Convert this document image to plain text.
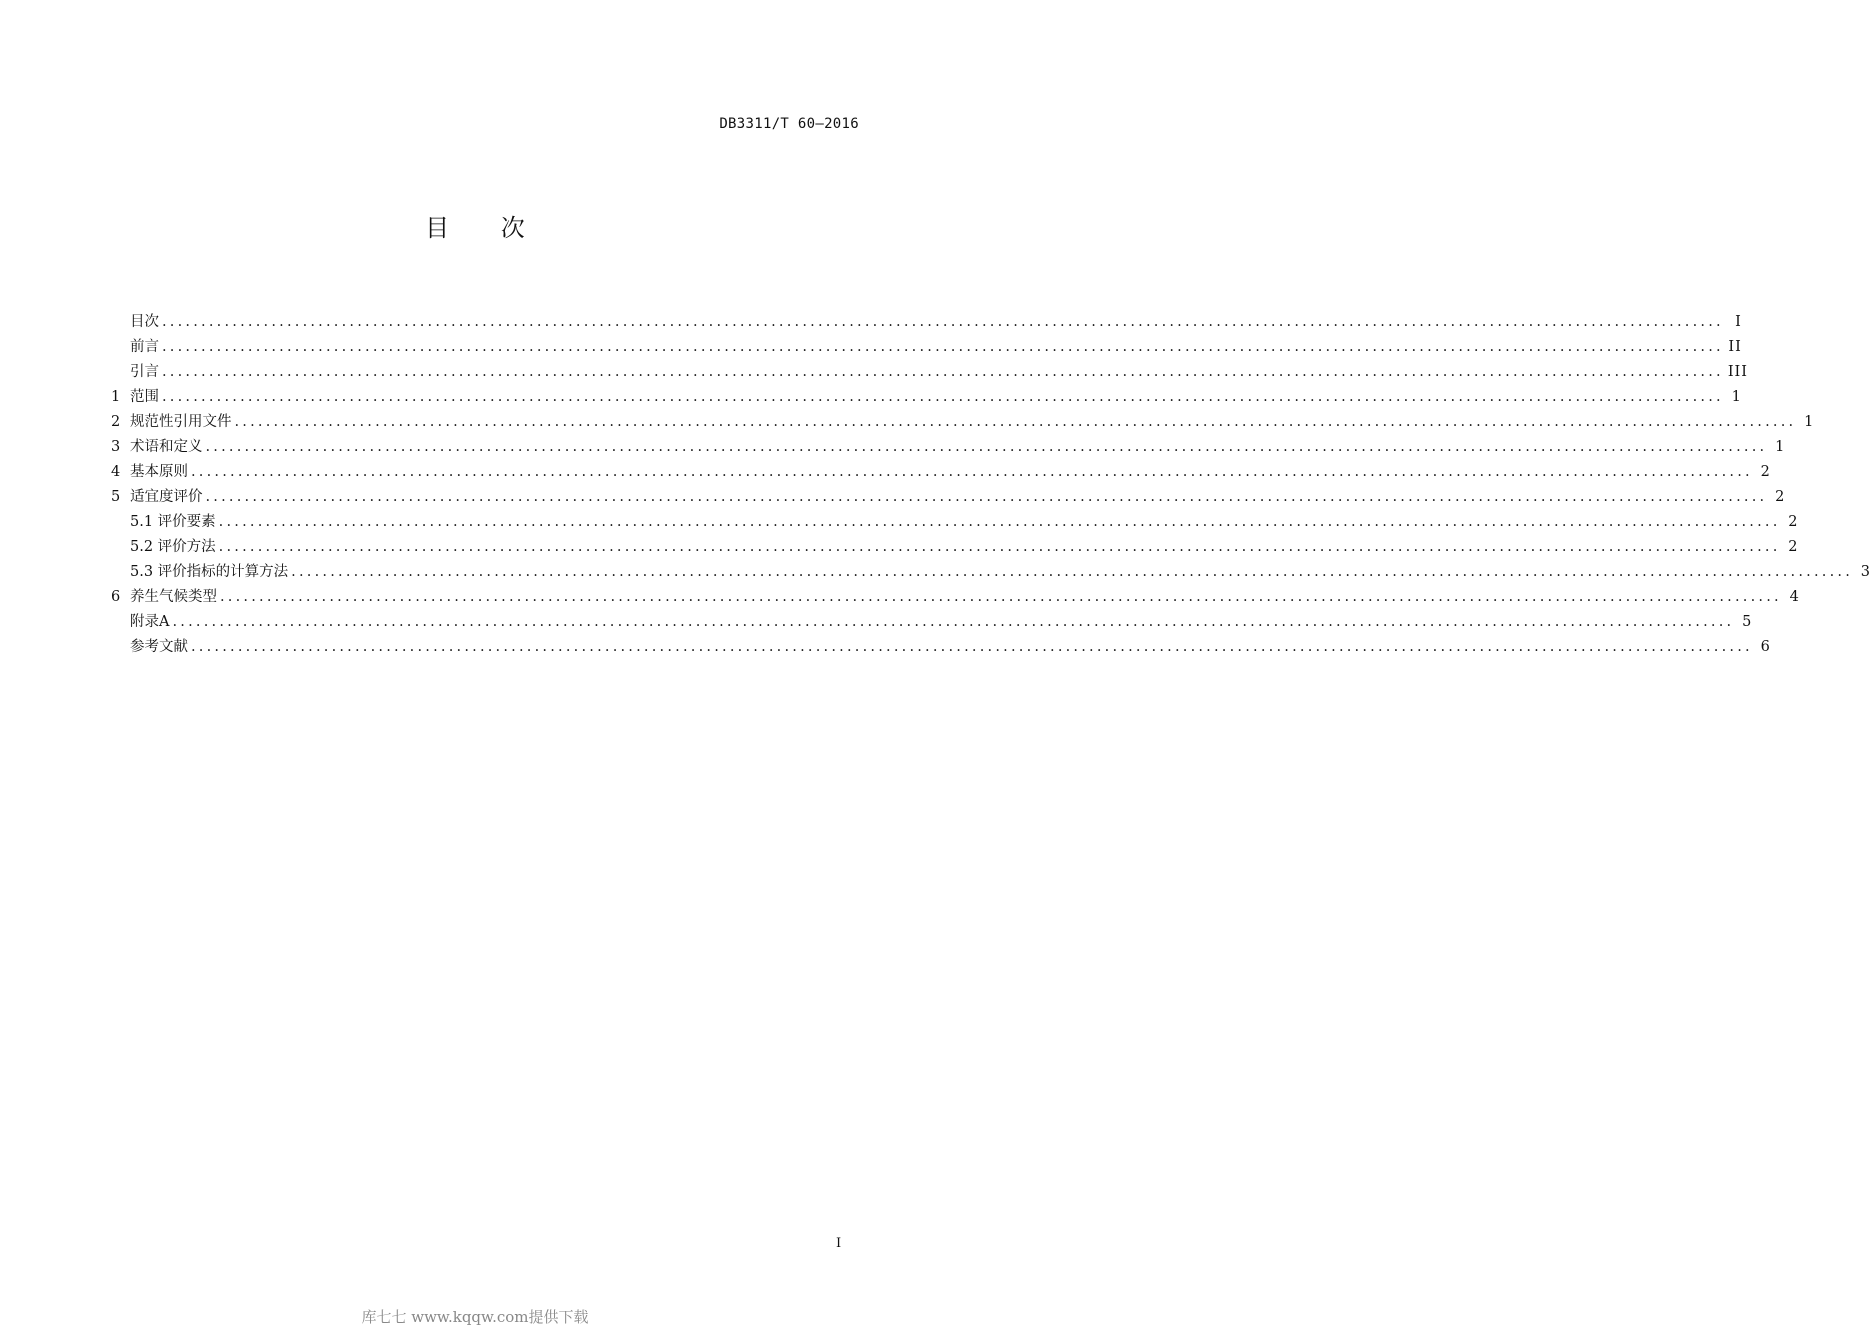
DB3311/T 60—2016
目 次
目次 ........................................................................................................................................................................................................ I
前言 ........................................................................................................................................................................................................ II
引言 ........................................................................................................................................................................................................ III
1 范围 ........................................................................................................................................................................................................ 1
2 规范性引用文件 ........................................................................................................................................................................................................ 1
3 术语和定义 ........................................................................................................................................................................................................ 1
4 基本原则 ........................................................................................................................................................................................................ 2
5 适宜度评价 ........................................................................................................................................................................................................ 2
5.1 评价要素 ........................................................................................................................................................................................................ 2
5.2 评价方法 ........................................................................................................................................................................................................ 2
5.3 评价指标的计算方法 ........................................................................................................................................................................................................ 3
6 养生气候类型 ........................................................................................................................................................................................................ 4
附录A ........................................................................................................................................................................................................ 5
参考文献 ........................................................................................................................................................................................................ 6
I
库七七 www.kqqw.com提供下载
